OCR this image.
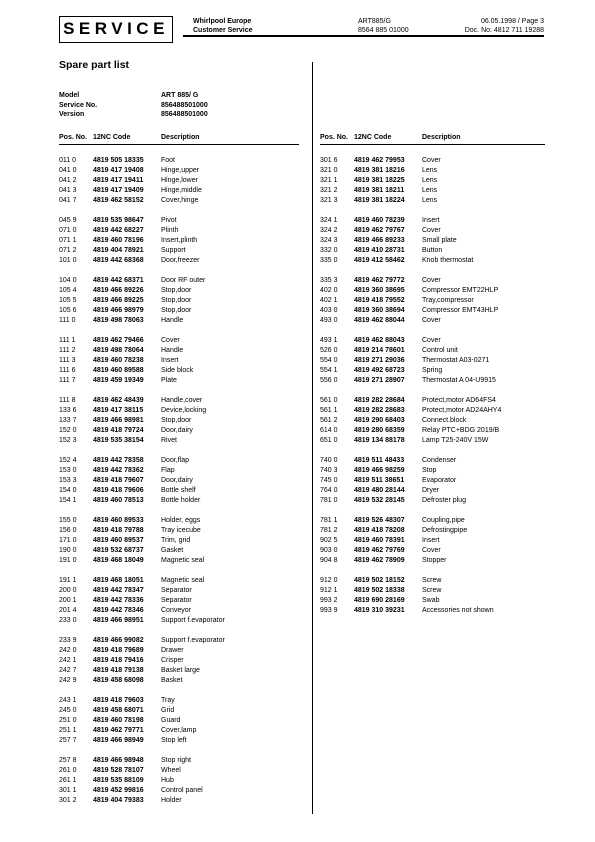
SERVICE	Whirlpool Europe
Customer Service
ART885/G
8564 885 01000
06.05.1998 / Page 3
Doc. No: 4812 711 19288
Spare part list
Model	ART 885/ G
Service No.	856488501000
Version	856488501000
Pos. No. 12NC Code	Description	Pos. No. 12NC Code	Description
011 0	4819 505 18335	Foot
041 0	4819 417 19408	Hinge,upper
041 2	4819 417 19411	Hinge,lower
041 3	4819 417 19409	Hinge,middle
041 7	4819 462 58152	Cover,hinge
045 9	4819 535 98647	Pivot
071 0	4819 442 68227	Plinth
071 1	4819 460 78196	Insert,plinth
071 2	4819 404 78921	Support
101 0	4819 442 68368	Door,freezer
104 0	4819 442 68371	Door RF outer
105 4	4819 466 89226	Stop,door
105 5	4819 466 89225	Stop,door
105 6	4819 466 98979	Stop,door
111 0	4819 498 78063	Handle
111 1	4819 462 79466	Cover
111 2	4819 498 78064	Handle
111 3	4819 460 78238	Insert
111 6	4819 460 89588	Side block
111 7	4819 459 19349	Plate
111 8	4819 462 48439	Handle,cover
133 6	4819 417 38115	Device,locking
133 7	4819 466 98981	Stop,door
152 0	4819 418 79724	Door,dairy
152 3	4819 535 38154	Rivet
152 4	4819 442 78358	Door,flap
153 0	4819 442 78362	Flap
153 3	4819 418 79607	Door,dairy
154 0	4819 418 79606	Bottle shelf
154 1	4819 460 78513	Bottle holder
155 0	4819 460 89533	Holder, eggs
156 0	4819 418 79788	Tray icecube
171 0	4819 460 89537	Trim, grid
190 0	4819 532 68737	Gasket
191 0	4819 468 18049	Magnetic seal
191 1	4819 468 18051	Magnetic seal
200 0	4819 442 78347	Separator
200 1	4819 442 78336	Separator
201 4	4819 442 78346	Conveyor
233 0	4819 466 98951	Support f.evaporator
233 9	4819 466 99082	Support f.evaporator
242 0	4819 418 79689	Drawer
242 1	4819 418 79416	Crisper
242 7	4819 418 79138	Basket large
242 9	4819 458 68098	Basket
243 1	4819 418 79603	Tray
245 0	4819 458 68071	Grid
251 0	4819 460 78198	Guard
251 1	4819 462 79771	Cover,lamp
257 7	4819 466 98949	Stop left
257 8	4819 466 98948	Stop right
261 0	4819 528 78107	Wheel
261 1	4819 535 88109	Hub
301 1	4819 452 99816	Control panel
301 2	4819 404 79383	Holder
301 6	4819 462 79953	Cover
321 0	4819 381 18216	Lens
321 1	4819 381 18225	Lens
321 2	4819 381 18211	Lens
321 3	4819 381 18224	Lens
324 1	4819 460 78239	Insert
324 2	4819 462 79767	Cover
324 3	4819 466 89233	Small plate
332 0	4819 410 28731	Button
335 0	4819 412 58462	Knob thermostat
335 3	4819 462 79772	Cover
402 0	4819 360 38695	Compressor EMT22HLP
402 1	4819 418 79552	Tray,compressor
403 0	4819 360 38694	Compressor EMT43HLP
493 0	4819 462 88044	Cover
493 1	4819 462 88043	Cover
526 0	4819 214 78601	Control unit
554 0	4819 271 29036	Thermostat A03-0271
554 1	4819 492 68723	Spring
556 0	4819 271 28907	Thermostat A 04-U9915
561 0	4819 282 28684	Protect,motor AD64FS4
561 1	4819 282 28683	Protect,motor AD24AHY4
561 2	4819 290 68403	Connect.block
614 0	4819 280 68359	Relay PTC+BDG 2019/B
651 0	4819 134 88178	Lamp T25-240V 15W
740 0	4819 511 48433	Condenser
740 3	4819 466 98259	Stop
745 0	4819 511 38651	Evaporator
764 0	4819 480 28144	Dryer
781 0	4819 532 28145	Defroster plug
781 1	4819 526 48307	Coupling,pipe
781 2	4819 418 78208	Defrostingpipe
902 5	4819 460 78391	Insert
903 0	4819 462 79769	Cover
904 8	4819 462 78909	Stopper
912 0	4819 502 18152	Screw
912 1	4819 502 18338	Screw
993 2	4819 690 28169	Swab
993 9	4819 310 39231	Accessories not shown
